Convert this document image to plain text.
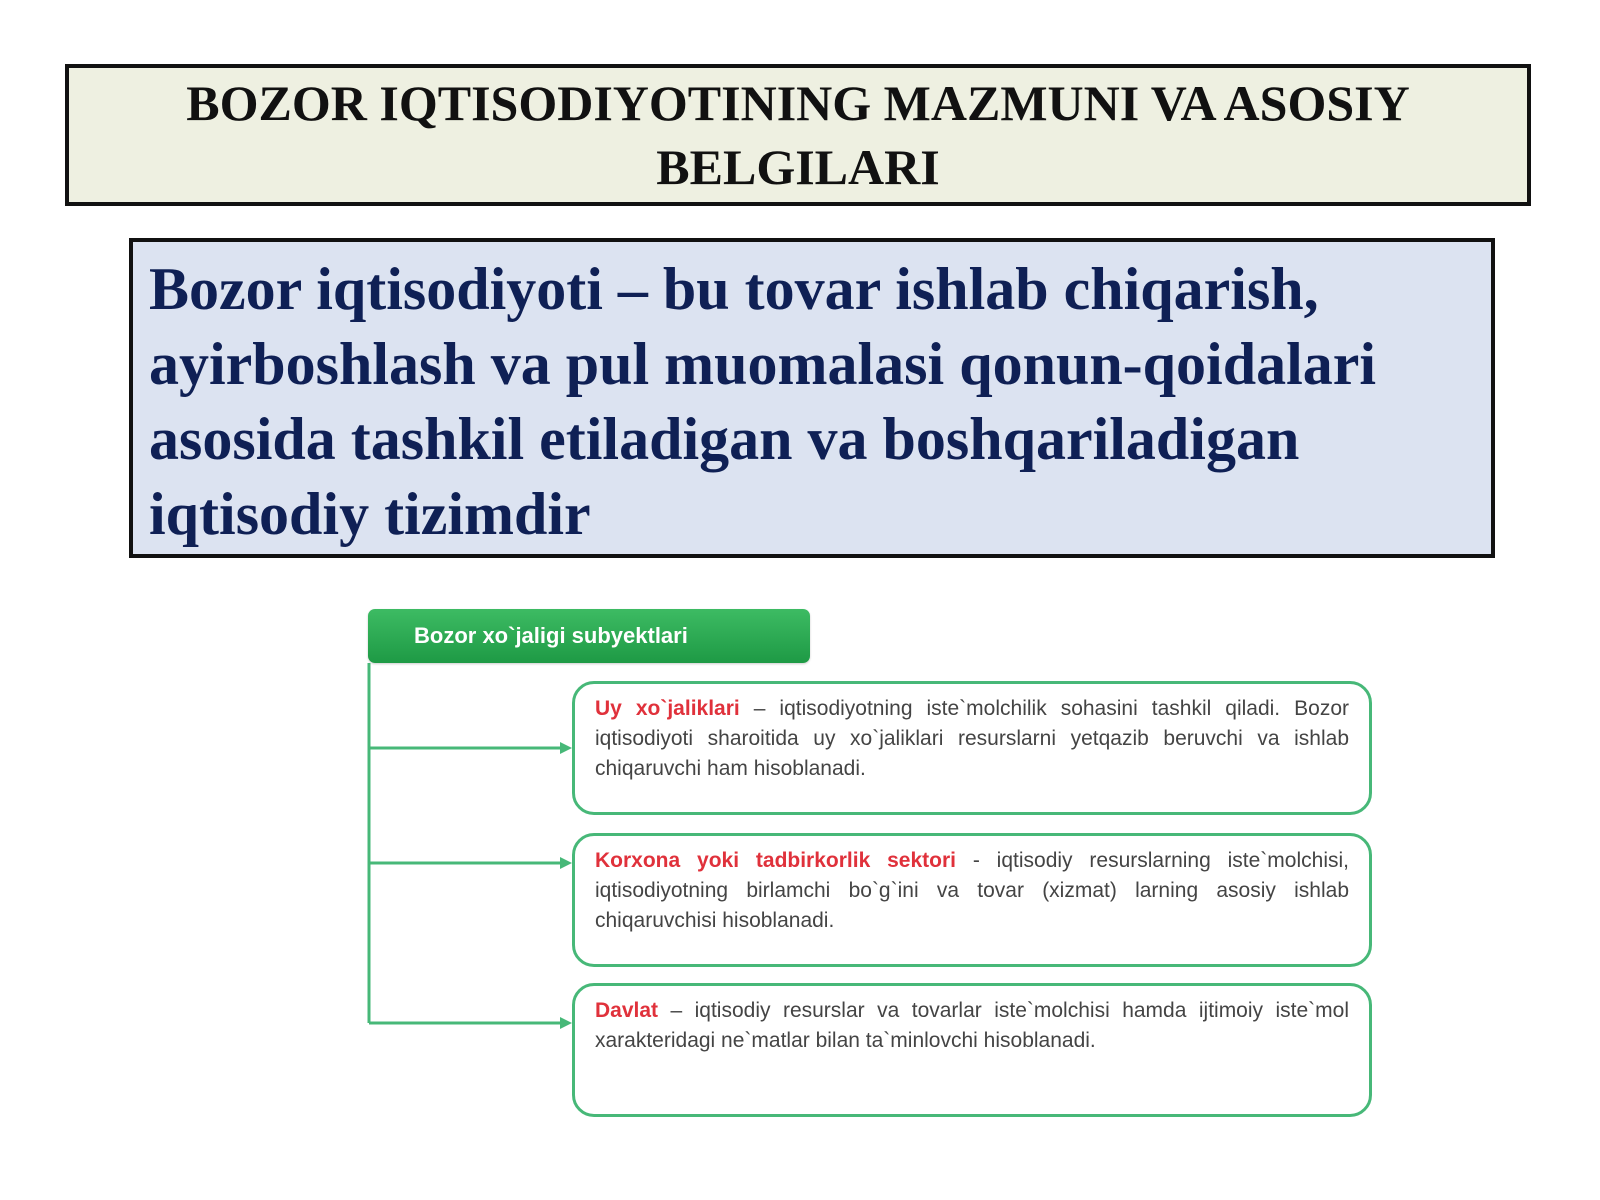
BOZOR IQTISODIYOTINING MAZMUNI VA ASOSIY
BELGILARI
Bozor iqtisodiyoti – bu tovar ishlab chiqarish,
ayirboshlash va pul muomalasi qonun-qoidalari
asosida tashkil etiladigan va boshqariladigan
iqtisodiy tizimdir
Bozor xo`jaligi subyektlari
Uy xo`jaliklari – iqtisodiyotning iste`molchilik sohasini tashkil qiladi. Bozor iqtisodiyoti sharoitida uy xo`jaliklari resurslarni yetqazib beruvchi va ishlab chiqaruvchi ham hisoblanadi.
Korxona yoki tadbirkorlik sektori - iqtisodiy resurslarning iste`molchisi, iqtisodiyotning birlamchi bo`g`ini va tovar (xizmat) larning asosiy ishlab chiqaruvchisi hisoblanadi.
Davlat – iqtisodiy resurslar va tovarlar iste`molchisi hamda ijtimoiy iste`mol xarakteridagi ne`matlar bilan ta`minlovchi hisoblanadi.
